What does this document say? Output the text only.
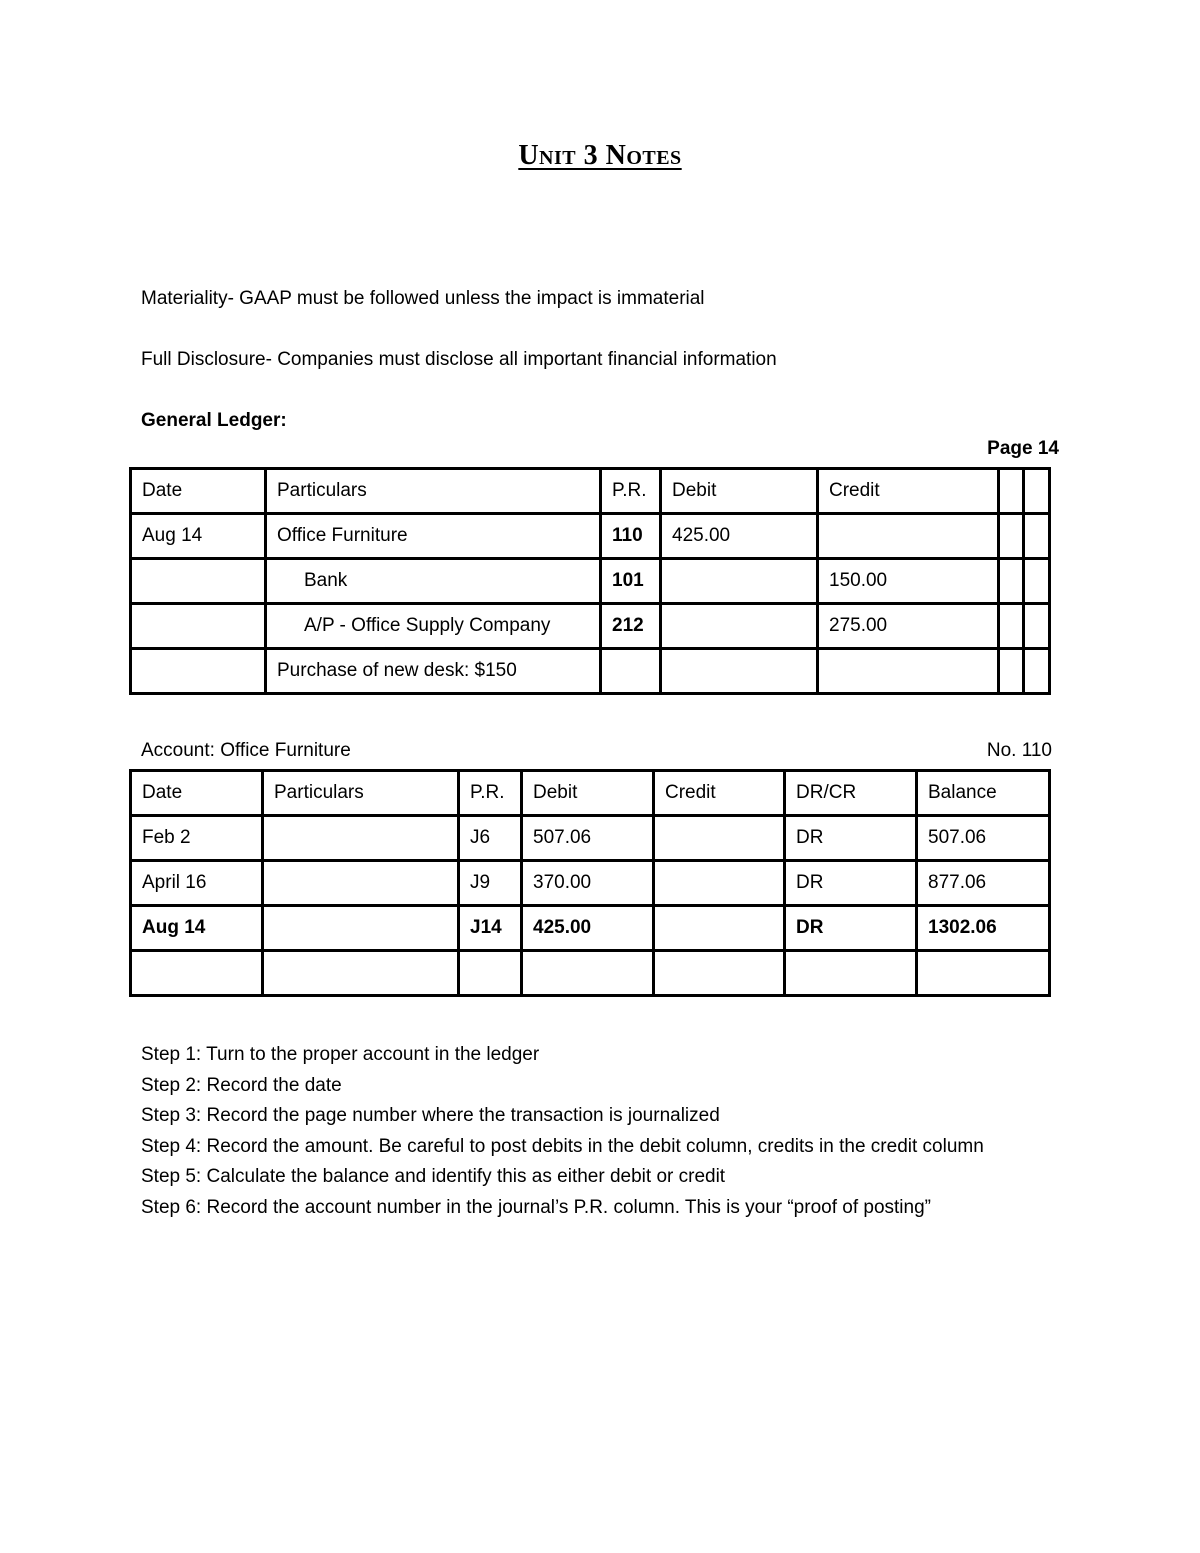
Unit 3 Notes
Materiality- GAAP must be followed unless the impact is immaterial
Full Disclosure- Companies must disclose all important financial information
General Ledger:
Page 14
Date	Particulars	P.R.	Debit	Credit		
Aug 14	Office Furniture	110	425.00			
	Bank	101		150.00		
	A/P - Office Supply Company	212		275.00		
	Purchase of new desk: $150					
Account: Office Furniture	No. 110
Date	Particulars	P.R.	Debit	Credit	DR/CR	Balance
Feb 2		J6	507.06		DR	507.06
April 16		J9	370.00		DR	877.06
Aug 14		J14	425.00		DR	1302.06

Step 1: Turn to the proper account in the ledger
Step 2: Record the date
Step 3: Record the page number where the transaction is journalized
Step 4: Record the amount. Be careful to post debits in the debit column, credits in the credit column
Step 5: Calculate the balance and identify this as either debit or credit
Step 6: Record the account number in the journal’s P.R. column. This is your “proof of posting”
